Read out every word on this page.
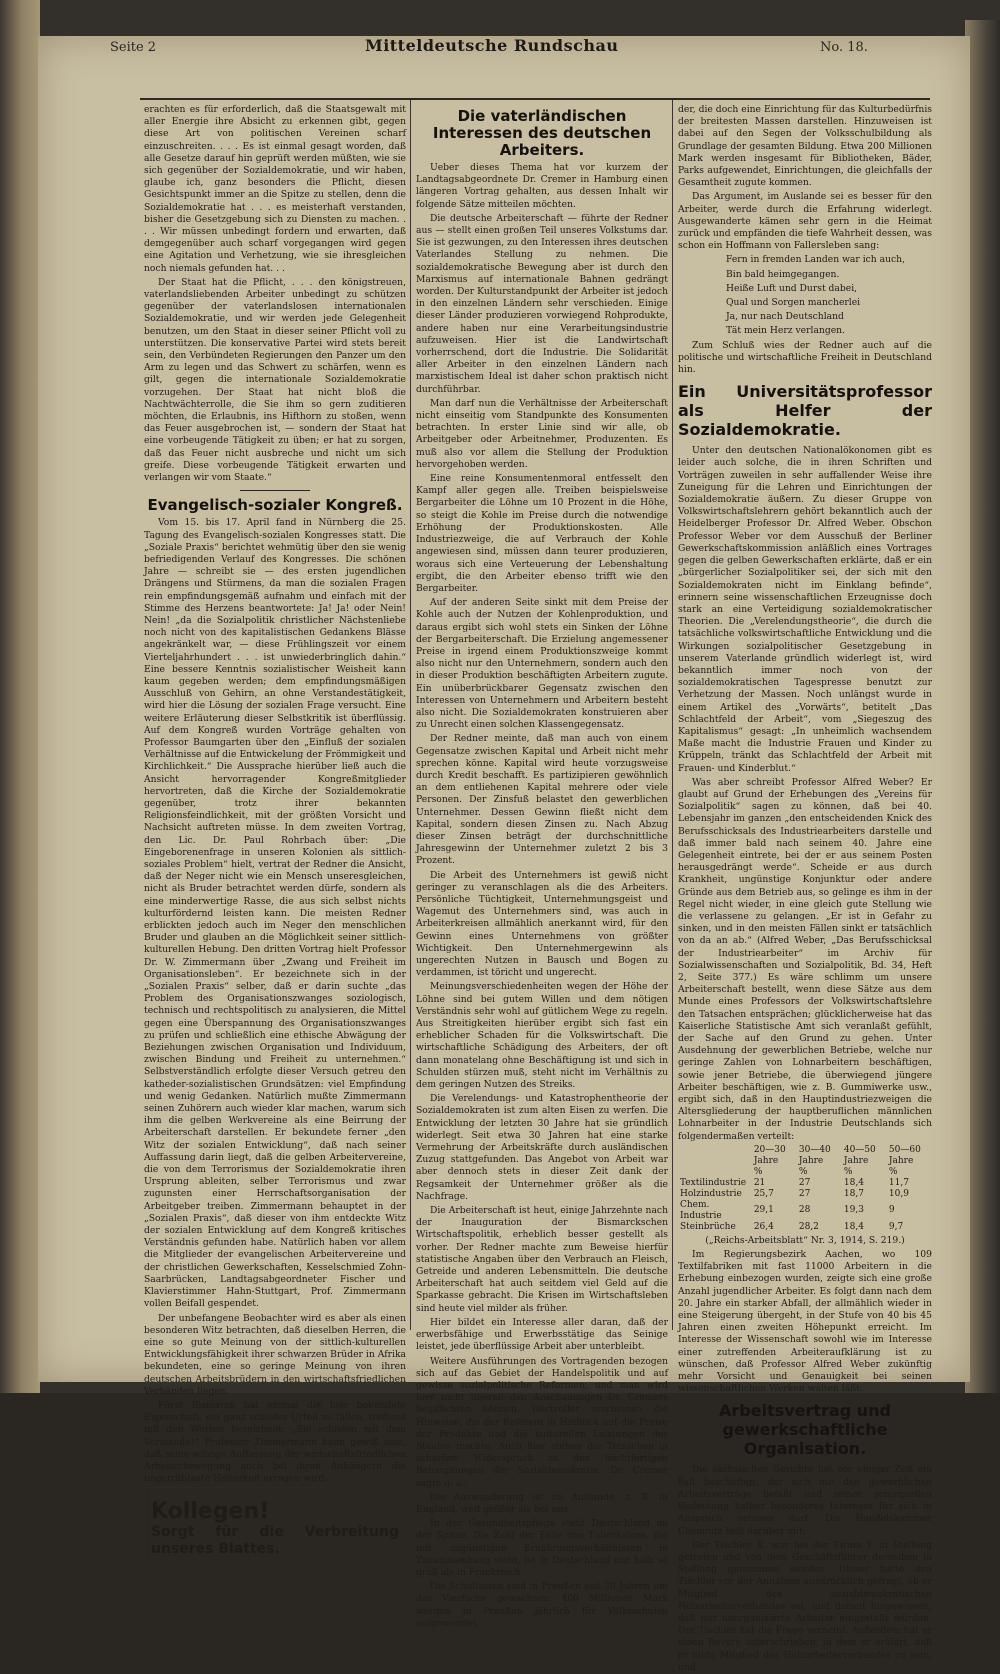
Seite 2	Mitteldeutsche Rundschau	No. 18.

erachten es für erforderlich, daß die Staatsgewalt mit aller Energie ihre Absicht zu erkennen gibt, gegen diese Art von politischen Vereinen scharf einzuschreiten. . . . Es ist einmal gesagt worden, daß alle Gesetze darauf hin geprüft werden müßten, wie sie sich gegenüber der Sozialdemokratie, und wir haben, glaube ich, ganz besonders die Pflicht, diesen Gesichtspunkt immer an die Spitze zu stellen, denn die Sozialdemokratie hat . . . es meisterhaft verstanden, bisher die Gesetzgebung sich zu Diensten zu machen. . . . Wir müssen unbedingt fordern und erwarten, daß demgegenüber auch scharf vorgegangen wird gegen eine Agitation und Verhetzung, wie sie ihresgleichen noch niemals gefunden hat. . .

Der Staat hat die Pflicht, . . . den königstreuen, vaterlandsliebenden Arbeiter unbedingt zu schützen gegenüber der vaterlandslosen internationalen Sozialdemokratie, und wir werden jede Gelegenheit benutzen, um den Staat in dieser seiner Pflicht voll zu unterstützen. Die konservative Partei wird stets bereit sein, den Verbündeten Regierungen den Panzer um den Arm zu legen und das Schwert zu schärfen, wenn es gilt, gegen die internationale Sozialdemokratie vorzugehen. Der Staat hat nicht bloß die Nachtwächterrolle, die Sie ihm so gern zuditieren möchten, die Erlaubnis, ins Hifthorn zu stoßen, wenn das Feuer ausgebrochen ist, — sondern der Staat hat eine vorbeugende Tätigkeit zu üben; er hat zu sorgen, daß das Feuer nicht ausbreche und nicht um sich greife. Diese vorbeugende Tätigkeit erwarten und verlangen wir vom Staate.“

Evangelisch-sozialer Kongreß.

Vom 15. bis 17. April fand in Nürnberg die 25. Tagung des Evangelisch-sozialen Kongresses statt. Die „Soziale Praxis“ berichtet wehmütig über den sie wenig befriedigenden Verlauf des Kongresses. Die schönen Jahre — schreibt sie — des ersten jugendlichen Drängens und Stürmens, da man die sozialen Fragen rein empfindungsgemäß aufnahm und einfach mit der Stimme des Herzens beantwortete: Ja! Ja! oder Nein! Nein! „da die Sozialpolitik christlicher Nächstenliebe noch nicht von des kapitalistischen Gedankens Blässe angekränkelt war, — diese Frühlingszeit vor einem Vierteljahrhundert . . . ist unwiederbringlich dahin.“ Eine bessere Kenntnis sozialistischer Weisheit kann kaum gegeben werden; dem empfindungsmäßigen Ausschluß von Gehirn, an ohne Verstandestätigkeit, wird hier die Lösung der sozialen Frage versucht. Eine weitere Erläuterung dieser Selbstkritik ist überflüssig. Auf dem Kongreß wurden Vorträge gehalten von Professor Baumgarten über den „Einfluß der sozialen Verhältnisse auf die Entwickelung der Frömmigkeit und Kirchlichkeit.“ Die Aussprache hierüber ließ auch die Ansicht hervorragender Kongreßmitglieder hervortreten, daß die Kirche der Sozialdemokratie gegenüber, trotz ihrer bekannten Religionsfeindlichkeit, mit der größten Vorsicht und Nachsicht auftreten müsse. In dem zweiten Vortrag, den Lic. Dr. Paul Rohrbach über: „Die Eingeborenenfrage in unseren Kolonien als sittlich-soziales Problem“ hielt, vertrat der Redner die Ansicht, daß der Neger nicht wie ein Mensch unseresgleichen, nicht als Bruder betrachtet werden dürfe, sondern als eine minderwertige Rasse, die aus sich selbst nichts kulturfördernd leisten kann. Die meisten Redner erblickten jedoch auch im Neger den menschlichen Bruder und glauben an die Möglichkeit seiner sittlich-kulturellen Hebung. Den dritten Vortrag hielt Professor Dr. W. Zimmermann über „Zwang und Freiheit im Organisationsleben“. Er bezeichnete sich in der „Sozialen Praxis“ selber, daß er darin suchte „das Problem des Organisationszwanges soziologisch, technisch und rechtspolitisch zu analysieren, die Mittel gegen eine Überspannung des Organisationszwanges zu prüfen und schließlich eine ethische Abwägung der Beziehungen zwischen Organisation und Individuum, zwischen Bindung und Freiheit zu unternehmen.“ Selbstverständlich erfolgte dieser Versuch getreu den katheder-sozialistischen Grundsätzen: viel Empfindung und wenig Gedanken. Natürlich mußte Zimmermann seinen Zuhörern auch wieder klar machen, warum sich ihm die gelben Werkvereine als eine Beirrung der Arbeiterschaft darstellen. Er bekundete ferner „den Witz der sozialen Entwicklung“, daß nach seiner Auffassung darin liegt, daß die gelben Arbeitervereine, die von dem Terrorismus der Sozialdemokratie ihren Ursprung ableiten, selber Terrorismus und zwar zugunsten einer Herrschaftsorganisation der Arbeitgeber treiben. Zimmermann behauptet in der „Sozialen Praxis“, daß dieser von ihm entdeckte Witz der sozialen Entwicklung auf dem Kongreß kritisches Verständnis gefunden habe. Natürlich haben vor allem die Mitglieder der evangelischen Arbeitervereine und der christlichen Gewerkschaften, Kesselschmied Zohn-Saarbrücken, Landtagsabgeordneter Fischer und Klavierstimmer Hahn-Stuttgart, Prof. Zimmermann vollen Beifall gespendet.

Der unbefangene Beobachter wird es aber als einen besonderen Witz betrachten, daß dieselben Herren, die eine so gute Meinung von der sittlich-kulturellen Entwicklungsfähigkeit ihrer schwarzen Brüder in Afrika bekundeten, eine so geringe Meinung von ihren deutschen Arbeitsbrüdern in den wirtschaftsfriedlichen Verbänden liegen.

Fürst Bismarck hat einmal die hier bekundete Eigenschaft, ein ganz schiefes Urteil zu fällen, treffend mit den Worten bezeichnet: „Sie schielen mit dem Verstande!“ Professor Zimmermann kann gewiß sein, daß seine witzige Auffassung der wirtschaftsfriedlichen Arbeiterbewegung auch bei ihren Anhängern die ungetrübteste Heiterkeit erregen wird.

Kollegen!
Sorgt für die Verbreitung unseres Blattes.
Die vaterländischen Interessen des deutschen Arbeiters.

Ueber dieses Thema hat vor kurzem der Landtagsabgeordnete Dr. Cremer in Hamburg einen längeren Vortrag gehalten, aus dessen Inhalt wir folgende Sätze mitteilen möchten.

Die deutsche Arbeiterschaft — führte der Redner aus — stellt einen großen Teil unseres Volkstums dar. Sie ist gezwungen, zu den Interessen ihres deutschen Vaterlandes Stellung zu nehmen. Die sozialdemokratische Bewegung aber ist durch den Marxismus auf internationale Bahnen gedrängt worden. Der Kulturstandpunkt der Arbeiter ist jedoch in den einzelnen Ländern sehr verschieden. Einige dieser Länder produzieren vorwiegend Rohprodukte, andere haben nur eine Verarbeitungsindustrie aufzuweisen. Hier ist die Landwirtschaft vorherrschend, dort die Industrie. Die Solidarität aller Arbeiter in den einzelnen Ländern nach marxistischem Ideal ist daher schon praktisch nicht durchführbar.

Man darf nun die Verhältnisse der Arbeiterschaft nicht einseitig vom Standpunkte des Konsumenten betrachten. In erster Linie sind wir alle, ob Arbeitgeber oder Arbeitnehmer, Produzenten. Es muß also vor allem die Stellung der Produktion hervorgehoben werden.

Eine reine Konsumentenmoral entfesselt den Kampf aller gegen alle. Treiben beispielsweise Bergarbeiter die Löhne um 10 Prozent in die Höhe, so steigt die Kohle im Preise durch die notwendige Erhöhung der Produktionskosten. Alle Industriezweige, die auf Verbrauch der Kohle angewiesen sind, müssen dann teurer produzieren, woraus sich eine Verteuerung der Lebenshaltung ergibt, die den Arbeiter ebenso trifft wie den Bergarbeiter.

Auf der anderen Seite sinkt mit dem Preise der Kohle auch der Nutzen der Kohlenproduktion, und daraus ergibt sich wohl stets ein Sinken der Löhne der Bergarbeiterschaft. Die Erzielung angemessener Preise in irgend einem Produktionszweige kommt also nicht nur den Unternehmern, sondern auch den in dieser Produktion beschäftigten Arbeitern zugute. Ein unüberbrückbarer Gegensatz zwischen den Interessen von Unternehmern und Arbeitern besteht also nicht. Die Sozialdemokraten konstruieren aber zu Unrecht einen solchen Klassengegensatz.

Der Redner meinte, daß man auch von einem Gegensatze zwischen Kapital und Arbeit nicht mehr sprechen könne. Kapital wird heute vorzugsweise durch Kredit beschafft. Es partizipieren gewöhnlich an dem entliehenen Kapital mehrere oder viele Personen. Der Zinsfuß belastet den gewerblichen Unternehmer. Dessen Gewinn fließt nicht dem Kapital, sondern diesen Zinsen zu. Nach Abzug dieser Zinsen beträgt der durchschnittliche Jahresgewinn der Unternehmer zuletzt 2 bis 3 Prozent.

Die Arbeit des Unternehmers ist gewiß nicht geringer zu veranschlagen als die des Arbeiters. Persönliche Tüchtigkeit, Unternehmungsgeist und Wagemut des Unternehmers sind, was auch in Arbeiterkreisen allmählich anerkannt wird, für den Gewinn eines Unternehmens von größter Wichtigkeit. Den Unternehmergewinn als ungerechten Nutzen in Bausch und Bogen zu verdammen, ist töricht und ungerecht.

Meinungsverschiedenheiten wegen der Höhe der Löhne sind bei gutem Willen und dem nötigen Verständnis sehr wohl auf gütlichem Wege zu regeln. Aus Streitigkeiten hierüber ergibt sich fast ein erheblicher Schaden für die Volkswirtschaft. Die wirtschaftliche Schädigung des Arbeiters, der oft dann monatelang ohne Beschäftigung ist und sich in Schulden stürzen muß, steht nicht im Verhältnis zu dem geringen Nutzen des Streiks.

Die Verelendungs- und Katastrophentheorie der Sozialdemokraten ist zum alten Eisen zu werfen. Die Entwicklung der letzten 30 Jahre hat sie gründlich widerlegt. Seit etwa 30 Jahren hat eine starke Vermehrung der Arbeitskräfte durch ausländischen Zuzug stattgefunden. Das Angebot von Arbeit war aber dennoch stets in dieser Zeit dank der Regsamkeit der Unternehmer größer als die Nachfrage.

Die Arbeiterschaft ist heut, einige Jahrzehnte nach der Inauguration der Bismarckschen Wirtschaftspolitik, erheblich besser gestellt als vorher. Der Redner machte zum Beweise hierfür statistische Angaben über den Verbrauch an Fleisch, Getreide und anderen Lebensmitteln. Die deutsche Arbeiterschaft hat auch seitdem viel Geld auf die Sparkasse gebracht. Die Krisen im Wirtschaftsleben sind heute viel milder als früher.

Hier bildet ein Interesse aller daran, daß der erwerbsfähige und Erwerbsstätige das Seinige leistet, jede überflüssige Arbeit aber unterbleibt.

Weitere Ausführungen des Vortragenden bezogen sich auf das Gebiet der Handelspolitik und auf gewisse sozialpolitische Reformen, und man wird hier nicht überall den Anschauungen Dr. Cremers beipflichten können. Wertvoller erscheinen die Hinweise, die der Referent in Hinblick auf die Preise der Produkte und die kulturellen Leistungen des Staates machte. Auch hier stehen die Tatsachen in scharfem Widerspruch zu den leichtfertigen Behauptungen der Sozialdemokratie. Dr. Cremer sagte u. a.:

Die Auswanderung ist im Auslande, z. B. in England, weit größer als bei uns.

In der Gesundheitspflege steht Deutschland an der Spitze. Die Zahl der Fälle von Tuberkulose, die mit ungünstigen Ernährungsverhältnissen in Zusammenhang steht, ist in Deutschland nur halb so groß als in Frankreich.

Die Schullasten sind in Preußen seit 30 Jahren um das Vierfache gewachsen. 400 Millionen Mark werden in Preußen jährlich für Volksschulen aufgewendet,

der, die doch eine Einrichtung für das Kulturbedürfnis der breitesten Massen darstellen. Hinzuweisen ist dabei auf den Segen der Volksschulbildung als Grundlage der gesamten Bildung. Etwa 200 Millionen Mark werden insgesamt für Bibliotheken, Bäder, Parks aufgewendet, Einrichtungen, die gleichfalls der Gesamtheit zugute kommen.

Das Argument, im Auslande sei es besser für den Arbeiter, werde durch die Erfahrung widerlegt. Ausgewanderte kämen sehr gern in die Heimat zurück und empfänden die tiefe Wahrheit dessen, was schon ein Hoffmann von Fallersleben sang:

Fern in fremden Landen war ich auch,

Bin bald heimgegangen.

Heiße Luft und Durst dabei,

Qual und Sorgen mancherlei

Ja, nur nach Deutschland

Tät mein Herz verlangen.

Zum Schluß wies der Redner auch auf die politische und wirtschaftliche Freiheit in Deutschland hin.

Ein Universitätsprofessor als Helfer der Sozialdemokratie.

Unter den deutschen Nationalökonomen gibt es leider auch solche, die in ihren Schriften und Vorträgen zuweilen in sehr auffallender Weise ihre Zuneigung für die Lehren und Einrichtungen der Sozialdemokratie äußern. Zu dieser Gruppe von Volkswirtschaftslehrern gehört bekanntlich auch der Heidelberger Professor Dr. Alfred Weber. Obschon Professor Weber vor dem Ausschuß der Berliner Gewerkschaftskommission anläßlich eines Vortrages gegen die gelben Gewerkschaften erklärte, daß er ein „bürgerlicher Sozialpolitiker sei, der sich mit den Sozialdemokraten nicht im Einklang befinde“, erinnern seine wissenschaftlichen Erzeugnisse doch stark an eine Verteidigung sozialdemokratischer Theorien. Die „Verelendungstheorie“, die durch die tatsächliche volkswirtschaftliche Entwicklung und die Wirkungen sozialpolitischer Gesetzgebung in unserem Vaterlande gründlich widerlegt ist, wird bekanntlich immer noch von der sozialdemokratischen Tagespresse benutzt zur Verhetzung der Massen. Noch unlängst wurde in einem Artikel des „Vorwärts“, betitelt „Das Schlachtfeld der Arbeit“, vom „Siegeszug des Kapitalismus“ gesagt: „In unheimlich wachsendem Maße macht die Industrie Frauen und Kinder zu Krüppeln, tränkt das Schlachtfeld der Arbeit mit Frauen- und Kinderblut.“

Was aber schreibt Professor Alfred Weber? Er glaubt auf Grund der Erhebungen des „Vereins für Sozialpolitik“ sagen zu können, daß bei 40. Lebensjahr im ganzen „den entscheidenden Knick des Berufsschicksals des Industriearbeiters darstelle und daß immer bald nach seinem 40. Jahre eine Gelegenheit eintrete, bei der er aus seinem Posten herausgedrängt werde“. Scheide er aus durch Krankheit, ungünstige Konjunktur oder andere Gründe aus dem Betrieb aus, so gelinge es ihm in der Regel nicht wieder, in eine gleich gute Stellung wie die verlassene zu gelangen. „Er ist in Gefahr zu sinken, und in den meisten Fällen sinkt er tatsächlich von da an ab.“ (Alfred Weber, „Das Berufsschicksal der Industriearbeiter“ im Archiv für Sozialwissenschaften und Sozialpolitik, Bd. 34, Heft 2, Seite 377.) Es wäre schlimm um unsere Arbeiterschaft bestellt, wenn diese Sätze aus dem Munde eines Professors der Volkswirtschaftslehre den Tatsachen entsprächen; glücklicherweise hat das Kaiserliche Statistische Amt sich veranlaßt gefühlt, der Sache auf den Grund zu gehen. Unter Ausdehnung der gewerblichen Betriebe, welche nur geringe Zahlen von Lohnarbeitern beschäftigen, sowie jener Betriebe, die überwiegend jüngere Arbeiter beschäftigen, wie z. B. Gummiwerke usw., ergibt sich, daß in den Hauptindustriezweigen die Altersgliederung der hauptberuflichen männlichen Lohnarbeiter in der Industrie Deutschlands sich folgendermaßen verteilt:

	20—30 Jahre	30—40 Jahre	40—50 Jahre	50—60 Jahre
	%	%	%	%
Textilindustrie	21	27	18,4	11,7
Holzindustrie	25,7	27	18,7	10,9
Chem. Industrie	29,1	28	19,3	9
Steinbrüche	26,4	28,2	18,4	9,7

(„Reichs-Arbeitsblatt“ Nr. 3, 1914, S. 219.)

Im Regierungsbezirk Aachen, wo 109 Textilfabriken mit fast 11000 Arbeitern in die Erhebung einbezogen wurden, zeigte sich eine große Anzahl jugendlicher Arbeiter. Es folgt dann nach dem 20. Jahre ein starker Abfall, der allmählich wieder in eine Steigerung übergeht, in der Stufe von 40 bis 45 Jahren einen zweiten Höhepunkt erreicht. Im Interesse der Wissenschaft sowohl wie im Interesse einer zutreffenden Arbeiteraufklärung ist zu wünschen, daß Professor Alfred Weber zukünftig mehr Vorsicht und Genauigkeit bei seinen wissenschaftlichen Werken walten läßt.

Arbeitsvertrag und gewerkschaftliche Organisation.

Die sächsischen Gerichte hat vor einiger Zeit ein Fall beschäftigt, der sich mit den gewerblichen Arbeitsverträge befaßt und seiner prinzipiellen Bedeutung halber besonderes Interesse für sich in Anspruch nehmen darf. Die Handelskammer Chemnitz teilt darüber mit:

Der Tischler X. war bei der Firma Y. in Stellung getreten und von dem Geschäftsführer derselben in Stellung genommen worden. Dieser hatte den Tischler vor der Annahme ausdrücklich gefragt, ob er Mitglied des sozialdemokratischen Holzarbeiterverbandes sei, und darauf hingewiesen, daß nur unorganisierte Arbeiter eingestellt würden. Der Tischler hat die Frage verneint. Außerdem hat er einen Revers unterschrieben, in dem er erklärt, daß er nicht Mitglied des Holzarbeiterverbandes zu sein, und
